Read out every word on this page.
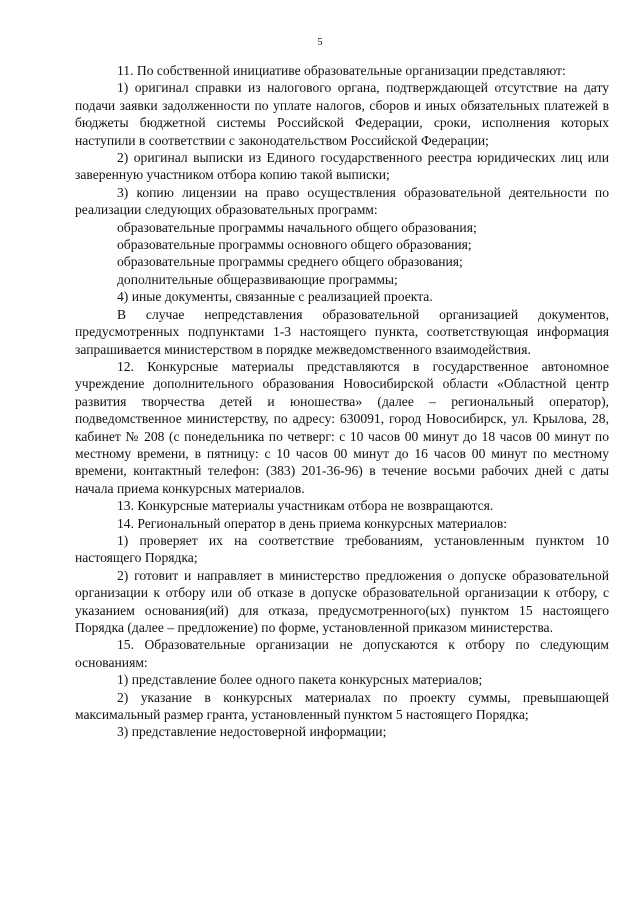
5

11. По собственной инициативе образовательные организации представляют:

1) оригинал справки из налогового органа, подтверждающей отсутствие на дату подачи заявки задолженности по уплате налогов, сборов и иных обязательных платежей в бюджеты бюджетной системы Российской Федерации, сроки, исполнения которых наступили в соответствии с законодательством Российской Федерации;

2) оригинал выписки из Единого государственного реестра юридических лиц или заверенную участником отбора копию такой выписки;

3) копию лицензии на право осуществления образовательной деятельности по реализации следующих образовательных программ:

образовательные программы начального общего образования;

образовательные программы основного общего образования;

образовательные программы среднего общего образования;

дополнительные общеразвивающие программы;

4) иные документы, связанные с реализацией проекта.

В случае непредставления образовательной организацией документов, предусмотренных подпунктами 1-3 настоящего пункта, соответствующая информация запрашивается министерством в порядке межведомственного взаимодействия.

12. Конкурсные материалы представляются в государственное автономное учреждение дополнительного образования Новосибирской области «Областной центр развития творчества детей и юношества» (далее – региональный оператор), подведомственное министерству, по адресу: 630091, город Новосибирск, ул. Крылова, 28, кабинет № 208 (с понедельника по четверг: с 10 часов 00 минут до 18 часов 00 минут по местному времени, в пятницу: с 10 часов 00 минут до 16 часов 00 минут по местному времени, контактный телефон: (383) 201-36-96) в течение восьми рабочих дней с даты начала приема конкурсных материалов.

13. Конкурсные материалы участникам отбора не возвращаются.

14. Региональный оператор в день приема конкурсных материалов:

1) проверяет их на соответствие требованиям, установленным пунктом 10 настоящего Порядка;

2) готовит и направляет в министерство предложения о допуске образовательной организации к отбору или об отказе в допуске образовательной организации к отбору, с указанием основания(ий) для отказа, предусмотренного(ых) пунктом 15 настоящего Порядка (далее – предложение) по форме, установленной приказом министерства.

15. Образовательные организации не допускаются к отбору по следующим основаниям:

1) представление более одного пакета конкурсных материалов;

2) указание в конкурсных материалах по проекту суммы, превышающей максимальный размер гранта, установленный пунктом 5 настоящего Порядка;

3) представление недостоверной информации;
